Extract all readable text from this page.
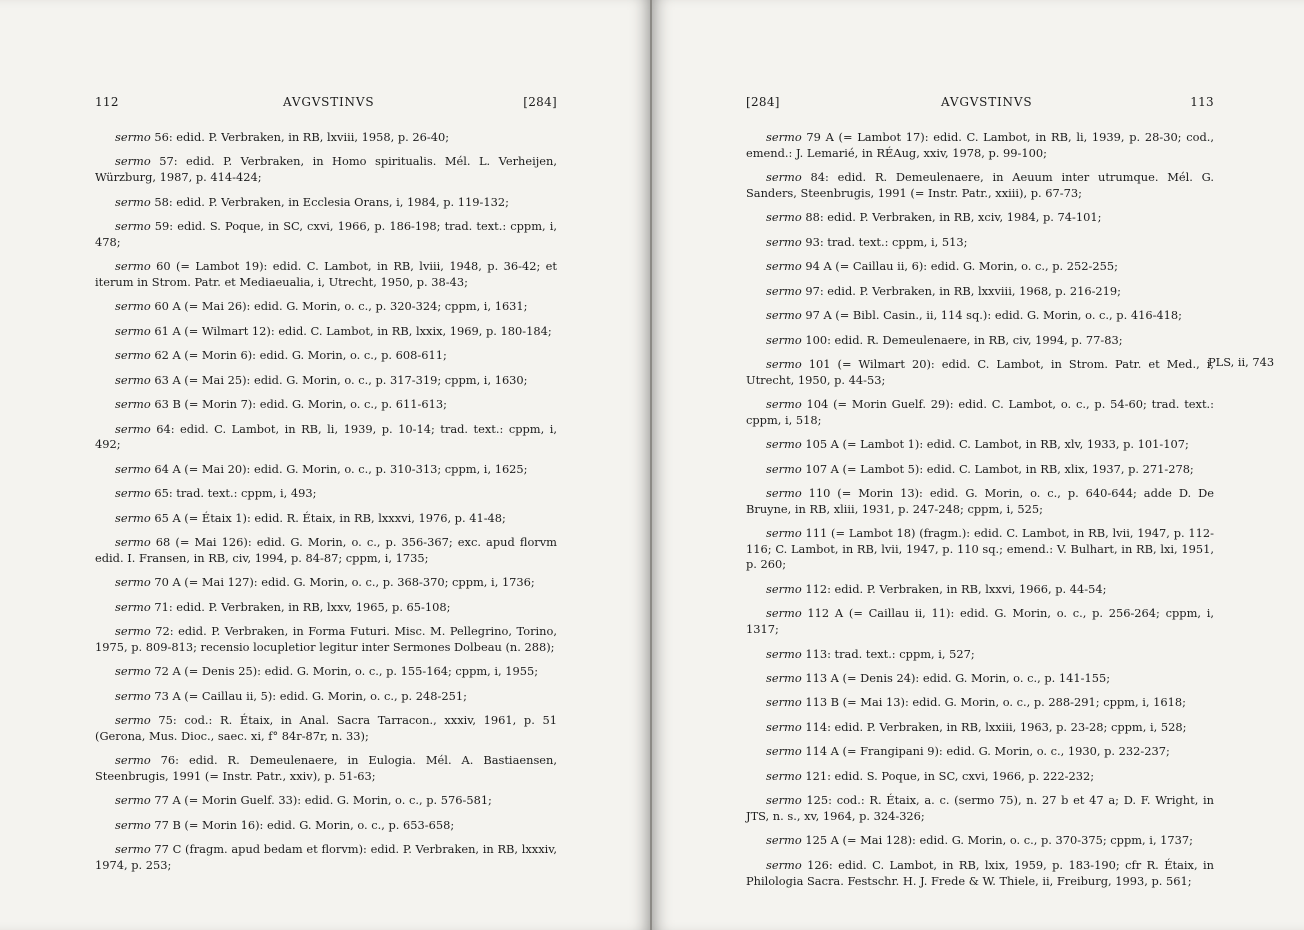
112	AVGVSTINVS	[284]

sermo 56: edid. P. Verbraken, in RB, lxviii, 1958, p. 26-40;

sermo 57: edid. P. Verbraken, in Homo spiritualis. Mél. L. Verheijen, Würzburg, 1987, p. 414-424;

sermo 58: edid. P. Verbraken, in Ecclesia Orans, i, 1984, p. 119-132;

sermo 59: edid. S. Poque, in SC, cxvi, 1966, p. 186-198; trad. text.: cppm, i, 478;

sermo 60 (= Lambot 19): edid. C. Lambot, in RB, lviii, 1948, p. 36-42; et iterum in Strom. Patr. et Mediaeualia, i, Utrecht, 1950, p. 38-43;

sermo 60 A (= Mai 26): edid. G. Morin, o. c., p. 320-324; cppm, i, 1631;

sermo 61 A (= Wilmart 12): edid. C. Lambot, in RB, lxxix, 1969, p. 180-184;

sermo 62 A (= Morin 6): edid. G. Morin, o. c., p. 608-611;

sermo 63 A (= Mai 25): edid. G. Morin, o. c., p. 317-319; cppm, i, 1630;

sermo 63 B (= Morin 7): edid. G. Morin, o. c., p. 611-613;

sermo 64: edid. C. Lambot, in RB, li, 1939, p. 10-14; trad. text.: cppm, i, 492;

sermo 64 A (= Mai 20): edid. G. Morin, o. c., p. 310-313; cppm, i, 1625;

sermo 65: trad. text.: cppm, i, 493;

sermo 65 A (= Étaix 1): edid. R. Étaix, in RB, lxxxvi, 1976, p. 41-48;

sermo 68 (= Mai 126): edid. G. Morin, o. c., p. 356-367; exc. apud florvm edid. I. Fransen, in RB, civ, 1994, p. 84-87; cppm, i, 1735;

sermo 70 A (= Mai 127): edid. G. Morin, o. c., p. 368-370; cppm, i, 1736;

sermo 71: edid. P. Verbraken, in RB, lxxv, 1965, p. 65-108;

sermo 72: edid. P. Verbraken, in Forma Futuri. Misc. M. Pellegrino, Torino, 1975, p. 809-813; recensio locupletior legitur inter Sermones Dolbeau (n. 288);

sermo 72 A (= Denis 25): edid. G. Morin, o. c., p. 155-164; cppm, i, 1955;

sermo 73 A (= Caillau ii, 5): edid. G. Morin, o. c., p. 248-251;

sermo 75: cod.: R. Étaix, in Anal. Sacra Tarracon., xxxiv, 1961, p. 51 (Gerona, Mus. Dioc., saec. xi, f° 84r-87r, n. 33);

sermo 76: edid. R. Demeulenaere, in Eulogia. Mél. A. Bastiaensen, Steenbrugis, 1991 (= Instr. Patr., xxiv), p. 51-63;

sermo 77 A (= Morin Guelf. 33): edid. G. Morin, o. c., p. 576-581;

sermo 77 B (= Morin 16): edid. G. Morin, o. c., p. 653-658;

sermo 77 C (fragm. apud bedam et florvm): edid. P. Verbraken, in RB, lxxxiv, 1974, p. 253;

[284]	AVGVSTINVS	113

sermo 79 A (= Lambot 17): edid. C. Lambot, in RB, li, 1939, p. 28-30; cod., emend.: J. Lemarié, in RÉAug, xxiv, 1978, p. 99-100;

sermo 84: edid. R. Demeulenaere, in Aeuum inter utrumque. Mél. G. Sanders, Steenbrugis, 1991 (= Instr. Patr., xxiii), p. 67-73;

sermo 88: edid. P. Verbraken, in RB, xciv, 1984, p. 74-101;

sermo 93: trad. text.: cppm, i, 513;

sermo 94 A (= Caillau ii, 6): edid. G. Morin, o. c., p. 252-255;

sermo 97: edid. P. Verbraken, in RB, lxxviii, 1968, p. 216-219;

sermo 97 A (= Bibl. Casin., ii, 114 sq.): edid. G. Morin, o. c., p. 416-418;

sermo 100: edid. R. Demeulenaere, in RB, civ, 1994, p. 77-83;

sermo 101 (= Wilmart 20): edid. C. Lambot, in Strom. Patr. et Med., i, Utrecht, 1950, p. 44-53;

sermo 104 (= Morin Guelf. 29): edid. C. Lambot, o. c., p. 54-60; trad. text.: cppm, i, 518;

sermo 105 A (= Lambot 1): edid. C. Lambot, in RB, xlv, 1933, p. 101-107;

sermo 107 A (= Lambot 5): edid. C. Lambot, in RB, xlix, 1937, p. 271-278;

sermo 110 (= Morin 13): edid. G. Morin, o. c., p. 640-644; adde D. De Bruyne, in RB, xliii, 1931, p. 247-248; cppm, i, 525;

sermo 111 (= Lambot 18) (fragm.): edid. C. Lambot, in RB, lvii, 1947, p. 112-116; C. Lambot, in RB, lvii, 1947, p. 110 sq.; emend.: V. Bulhart, in RB, lxi, 1951, p. 260;

sermo 112: edid. P. Verbraken, in RB, lxxvi, 1966, p. 44-54;

sermo 112 A (= Caillau ii, 11): edid. G. Morin, o. c., p. 256-264; cppm, i, 1317;

sermo 113: trad. text.: cppm, i, 527;

sermo 113 A (= Denis 24): edid. G. Morin, o. c., p. 141-155;

sermo 113 B (= Mai 13): edid. G. Morin, o. c., p. 288-291; cppm, i, 1618;

sermo 114: edid. P. Verbraken, in RB, lxxiii, 1963, p. 23-28; cppm, i, 528;

sermo 114 A (= Frangipani 9): edid. G. Morin, o. c., 1930, p. 232-237;

sermo 121: edid. S. Poque, in SC, cxvi, 1966, p. 222-232;

sermo 125: cod.: R. Étaix, a. c. (sermo 75), n. 27 b et 47 a; D. F. Wright, in JTS, n. s., xv, 1964, p. 324-326;

sermo 125 A (= Mai 128): edid. G. Morin, o. c., p. 370-375; cppm, i, 1737;

sermo 126: edid. C. Lambot, in RB, lxix, 1959, p. 183-190; cfr R. Étaix, in Philologia Sacra. Festschr. H. J. Frede & W. Thiele, ii, Freiburg, 1993, p. 561;

PLS, ii, 743
